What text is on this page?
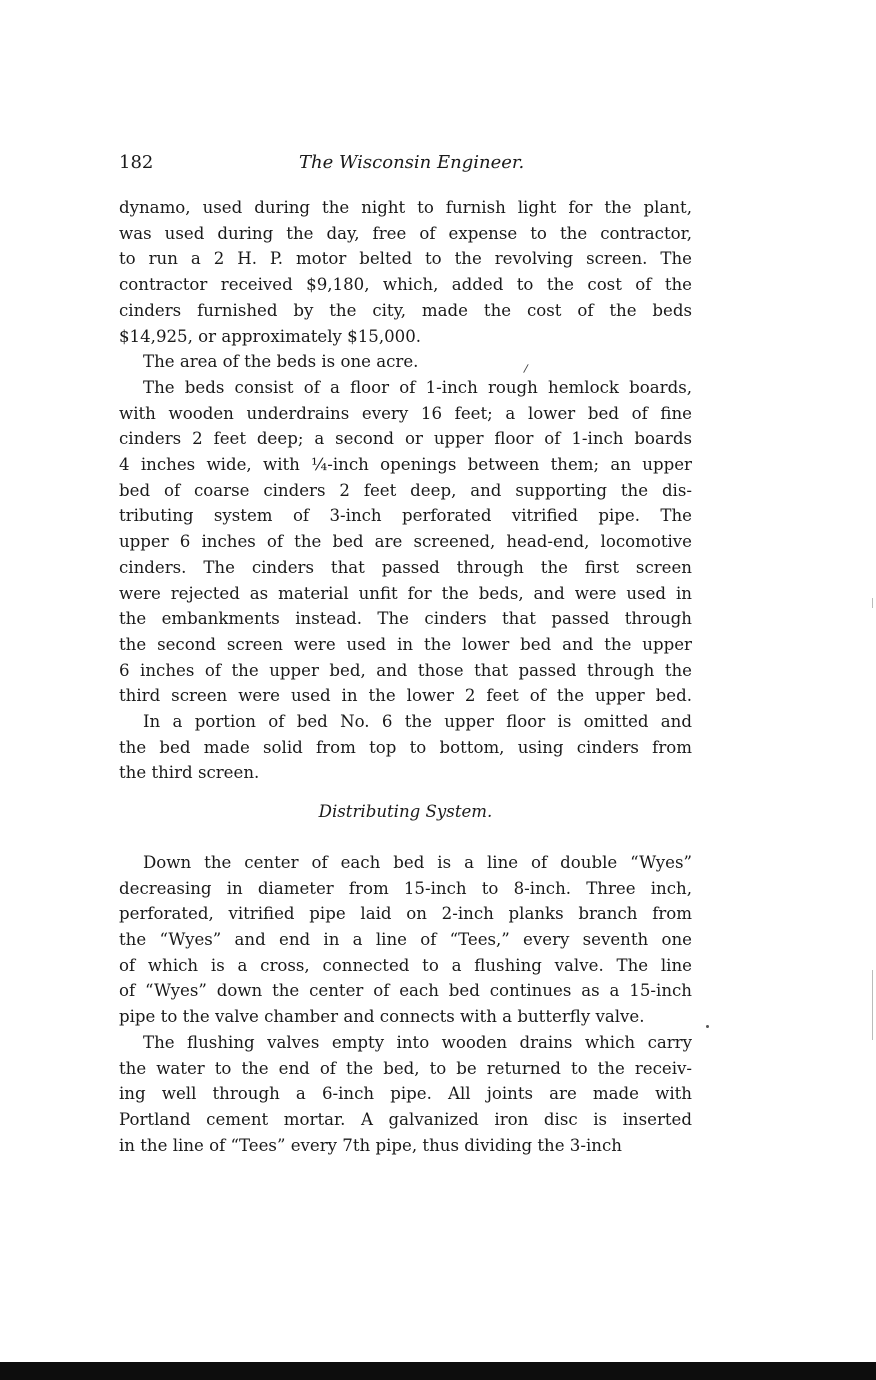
182	The Wisconsin Engineer.
dynamo, used during the night to furnish light for the plant,
was used during the day, free of expense to the contractor,
to run a 2 H. P. motor belted to the revolving screen. The
contractor received $9,180, which, added to the cost of the
cinders furnished by the city, made the cost of the beds
$14,925, or approximately $15,000.
The area of the beds is one acre.
The beds consist of a floor of 1-inch rough hemlock boards,
with wooden underdrains every 16 feet; a lower bed of fine
cinders 2 feet deep; a second or upper floor of 1-inch boards
4 inches wide, with ¼-inch openings between them; an upper
bed of coarse cinders 2 feet deep, and supporting the dis-
tributing system of 3-inch perforated vitrified pipe. The
upper 6 inches of the bed are screened, head-end, locomotive
cinders. The cinders that passed through the first screen
were rejected as material unfit for the beds, and were used in
the embankments instead. The cinders that passed through
the second screen were used in the lower bed and the upper
6 inches of the upper bed, and those that passed through the
third screen were used in the lower 2 feet of the upper bed.
In a portion of bed No. 6 the upper floor is omitted and
the bed made solid from top to bottom, using cinders from
the third screen.
Distributing System.
Down the center of each bed is a line of double “Wyes”
decreasing in diameter from 15-inch to 8-inch. Three inch,
perforated, vitrified pipe laid on 2-inch planks branch from
the “Wyes” and end in a line of “Tees,” every seventh one
of which is a cross, connected to a flushing valve. The line
of “Wyes” down the center of each bed continues as a 15-inch
pipe to the valve chamber and connects with a butterfly valve.
The flushing valves empty into wooden drains which carry
the water to the end of the bed, to be returned to the receiv-
ing well through a 6-inch pipe. All joints are made with
Portland cement mortar. A galvanized iron disc is inserted
in the line of “Tees” every 7th pipe, thus dividing the 3-inch
/
